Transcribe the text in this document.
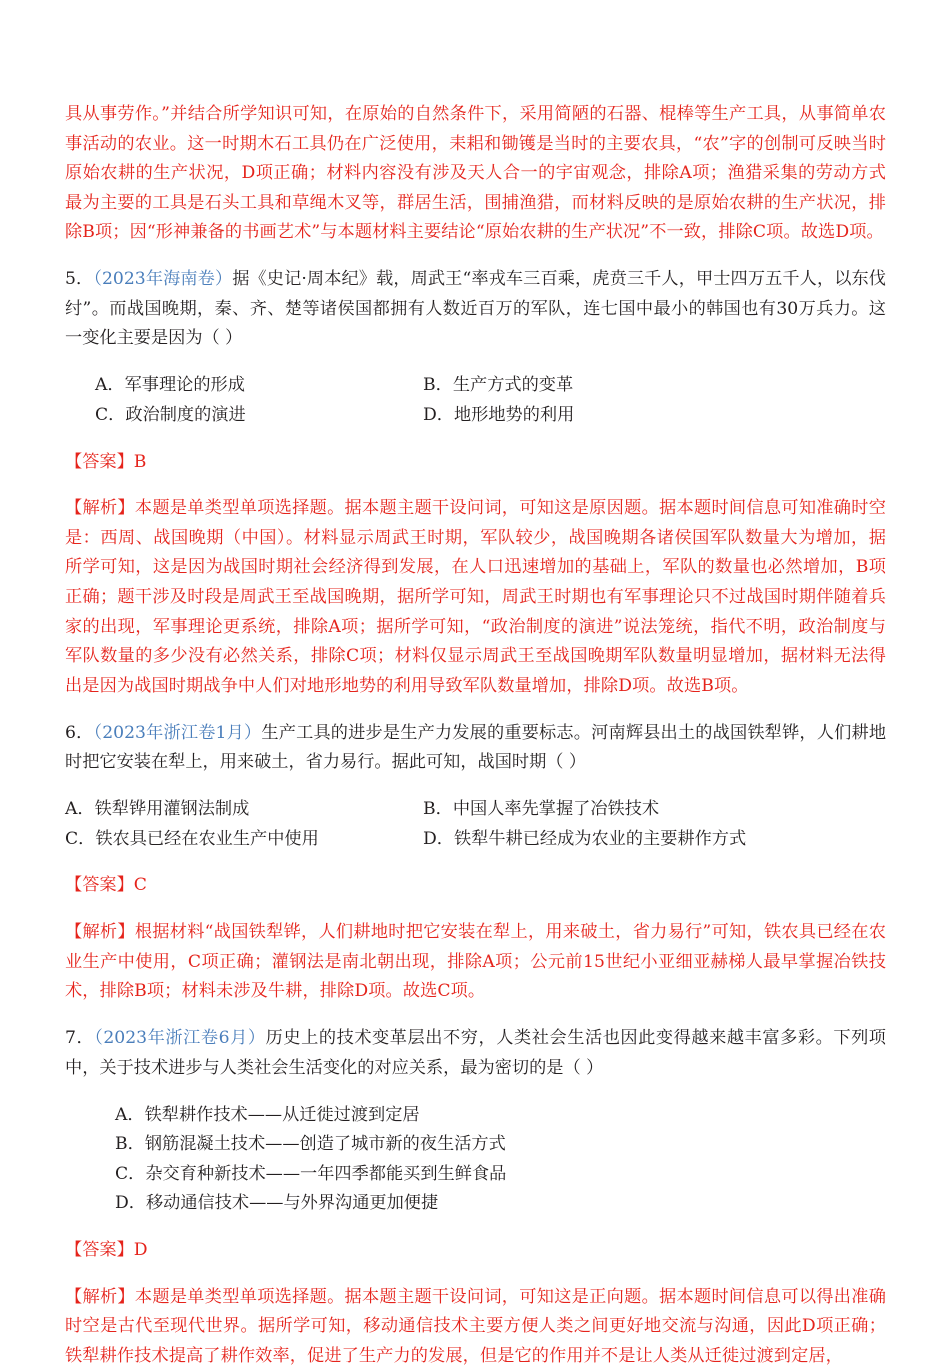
具从事劳作。”并结合所学知识可知，在原始的自然条件下，采用简陋的石器、棍棒等生产工具，从事简单农事活动的农业。这一时期木石工具仍在广泛使用，耒耜和锄镬是当时的主要农具，“农”字的创制可反映当时原始农耕的生产状况，D项正确；材料内容没有涉及天人合一的宇宙观念，排除A项；渔猎采集的劳动方式最为主要的工具是石头工具和草绳木叉等，群居生活，围捕渔猎，而材料反映的是原始农耕的生产状况，排除B项；因“形神兼备的书画艺术”与本题材料主要结论“原始农耕的生产状况”不一致，排除C项。故选D项。

5．（2023年海南卷）据《史记·周本纪》载，周武王“率戎车三百乘，虎贲三千人，甲士四万五千人，以东伐纣”。而战国晚期，秦、齐、楚等诸侯国都拥有人数近百万的军队，连七国中最小的韩国也有30万兵力。这一变化主要是因为（ ）

A．军事理论的形成	B．生产方式的变革
C．政治制度的演进	D．地形地势的利用

【答案】B

【解析】本题是单类型单项选择题。据本题主题干设问词，可知这是原因题。据本题时间信息可知准确时空是：西周、战国晚期（中国）。材料显示周武王时期，军队较少，战国晚期各诸侯国军队数量大为增加，据所学可知，这是因为战国时期社会经济得到发展，在人口迅速增加的基础上，军队的数量也必然增加，B项正确；题干涉及时段是周武王至战国晚期，据所学可知，周武王时期也有军事理论只不过战国时期伴随着兵家的出现，军事理论更系统，排除A项；据所学可知，“政治制度的演进”说法笼统，指代不明，政治制度与军队数量的多少没有必然关系，排除C项；材料仅显示周武王至战国晚期军队数量明显增加，据材料无法得出是因为战国时期战争中人们对地形地势的利用导致军队数量增加，排除D项。故选B项。

6．（2023年浙江卷1月）生产工具的进步是生产力发展的重要标志。河南辉县出土的战国铁犁铧，人们耕地时把它安装在犁上，用来破土，省力易行。据此可知，战国时期（ ）

A．铁犁铧用灌钢法制成	B．中国人率先掌握了冶铁技术
C．铁农具已经在农业生产中使用	D．铁犁牛耕已经成为农业的主要耕作方式

【答案】C

【解析】根据材料“战国铁犁铧，人们耕地时把它安装在犁上，用来破土，省力易行”可知，铁农具已经在农业生产中使用，C项正确；灌钢法是南北朝出现，排除A项；公元前15世纪小亚细亚赫梯人最早掌握冶铁技术，排除B项；材料未涉及牛耕，排除D项。故选C项。

7．（2023年浙江卷6月）历史上的技术变革层出不穷，人类社会生活也因此变得越来越丰富多彩。下列项中，关于技术进步与人类社会生活变化的对应关系，最为密切的是（ ）

A．铁犁耕作技术——从迁徙过渡到定居
B．钢筋混凝土技术——创造了城市新的夜生活方式
C．杂交育种新技术——一年四季都能买到生鲜食品
D．移动通信技术——与外界沟通更加便捷

【答案】D

【解析】本题是单类型单项选择题。据本题主题干设问词，可知这是正向题。据本题时间信息可以得出准确时空是古代至现代世界。据所学可知，移动通信技术主要方便人类之间更好地交流与沟通，因此D项正确；铁犁耕作技术提高了耕作效率，促进了生产力的发展，但是它的作用并不是让人类从迁徙过渡到定居，
